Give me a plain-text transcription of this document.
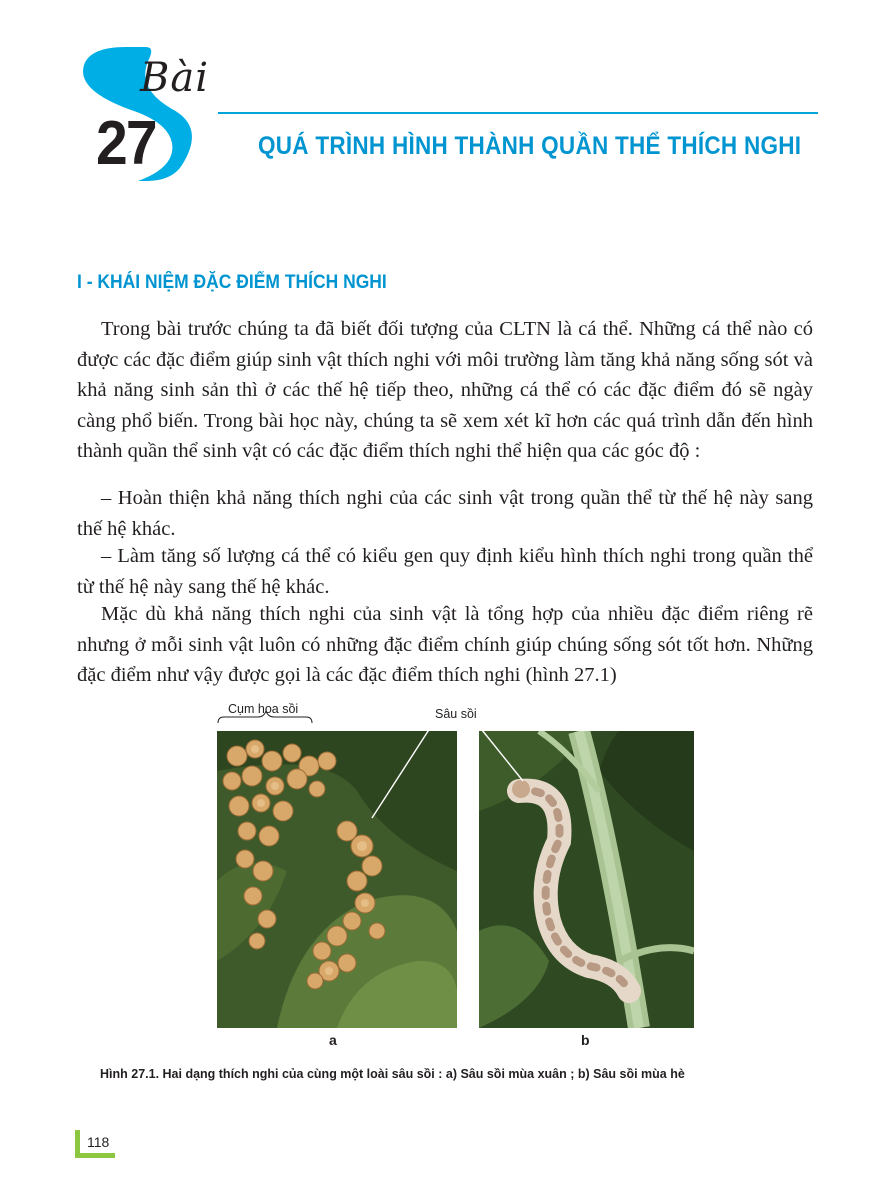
Bài
27	QUÁ TRÌNH HÌNH THÀNH QUẦN THỂ THÍCH NGHI
I - KHÁI NIỆM ĐẶC ĐIỂM THÍCH NGHI

Trong bài trước chúng ta đã biết đối tượng của CLTN là cá thể. Những cá thể nào có được các đặc điểm giúp sinh vật thích nghi với môi trường làm tăng khả năng sống sót và khả năng sinh sản thì ở các thế hệ tiếp theo, những cá thể có các đặc điểm đó sẽ ngày càng phổ biến. Trong bài học này, chúng ta sẽ xem xét kĩ hơn các quá trình dẫn đến hình thành quần thể sinh vật có các đặc điểm thích nghi thể hiện qua các góc độ :

– Hoàn thiện khả năng thích nghi của các sinh vật trong quần thể từ thế hệ này sang thế hệ khác.

– Làm tăng số lượng cá thể có kiểu gen quy định kiểu hình thích nghi trong quần thể từ thế hệ này sang thế hệ khác.

Mặc dù khả năng thích nghi của sinh vật là tổng hợp của nhiều đặc điểm riêng rẽ nhưng ở mỗi sinh vật luôn có những đặc điểm chính giúp chúng sống sót tốt hơn. Những đặc điểm như vậy được gọi là các đặc điểm thích nghi (hình 27.1)

Cụm hoa sồi	Sâu sồi
a	b
Hình 27.1. Hai dạng thích nghi của cùng một loài sâu sồi : a) Sâu sồi mùa xuân ; b) Sâu sồi mùa hè
118
